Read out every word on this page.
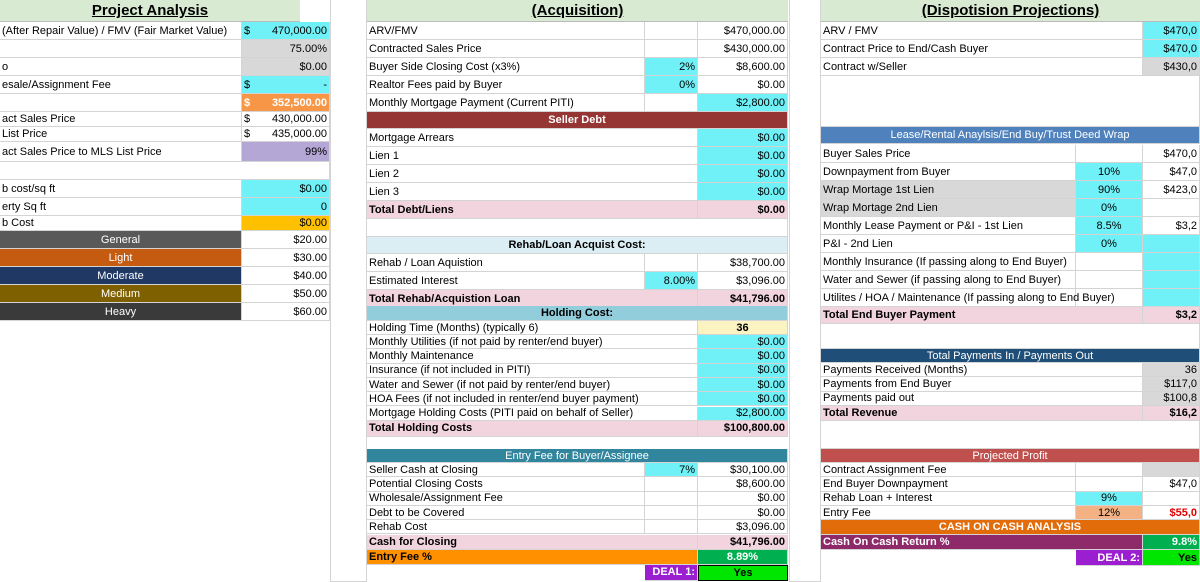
Project Analysis	(Acquisition)	(Dispotision Projections)
(After Repair Value) / FMV (Fair Market Value)	$ 470,000.00
75.00%
o	$0.00
esale/Assignment Fee	$	-
$ 352,500.00
act Sales Price	$ 430,000.00
List Price	$ 435,000.00
act Sales Price to MLS List Price	99%
b cost/sq ft	$0.00
erty Sq ft	0
b Cost	$0.00
General	$20.00
Light	$30.00
Moderate	$40.00
Medium	$50.00
Heavy	$60.00
ARV/FMV	$470,000.00
Contracted Sales Price	$430,000.00
Buyer Side Closing Cost (x3%)	2%	$8,600.00
Realtor Fees paid by Buyer	0%	$0.00
Monthly Mortgage Payment (Current PITI)	$2,800.00
Seller Debt
Mortgage Arrears	$0.00
Lien 1	$0.00
Lien 2	$0.00
Lien 3	$0.00
Total Debt/Liens	$0.00
Rehab/Loan Acquist Cost:
Rehab / Loan Aquistion	$38,700.00
Estimated Interest	8.00%	$3,096.00
Total Rehab/Acquistion Loan	$41,796.00
Holding Cost:
Holding Time (Months) (typically 6)	36
Monthly Utilities (if not paid by renter/end buyer)	$0.00
Monthly Maintenance	$0.00
Insurance (if not included in PITI)	$0.00
Water and Sewer (if not paid by renter/end buyer)	$0.00
HOA Fees (if not included in renter/end buyer payment)	$0.00
Mortgage Holding Costs (PITI paid on behalf of Seller)	$2,800.00
Total Holding Costs	$100,800.00
Entry Fee for Buyer/Assignee
Seller Cash at Closing	7%	$30,100.00
Potential Closing Costs	$8,600.00
Wholesale/Assignment Fee	$0.00
Debt to be Covered	$0.00
Rehab Cost	$3,096.00
Cash for Closing	$41,796.00
Entry Fee %	8.89%
DEAL 1:	Yes
ARV / FMV	$470,0
Contract Price to End/Cash Buyer	$470,0
Contract w/Seller	$430,0
Lease/Rental Anaylsis/End Buy/Trust Deed Wrap
Buyer Sales Price	$470,0
Downpayment from Buyer	10%	$47,0
Wrap Mortage 1st Lien	90%	$423,0
Wrap Mortage 2nd Lien	0%
Monthly Lease Payment or P&I - 1st Lien	8.5%	$3,2
P&I - 2nd Lien	0%
Monthly Insurance (If passing along to End Buyer)
Water and Sewer (if passing along to End Buyer)
Utilites / HOA / Maintenance (If passing along to End Buyer)
Total End Buyer Payment	$3,2
Total Payments In / Payments Out
Payments Received (Months)	36
Payments from End Buyer	$117,0
Payments paid out	$100,8
Total Revenue	$16,2
Projected Profit
Contract Assignment Fee
End Buyer Downpayment	$47,0
Rehab Loan + Interest	9%
Entry Fee	12%	$55,0
CASH ON CASH ANALYSIS
Cash On Cash Return %	9.8%
DEAL 2:	Yes
